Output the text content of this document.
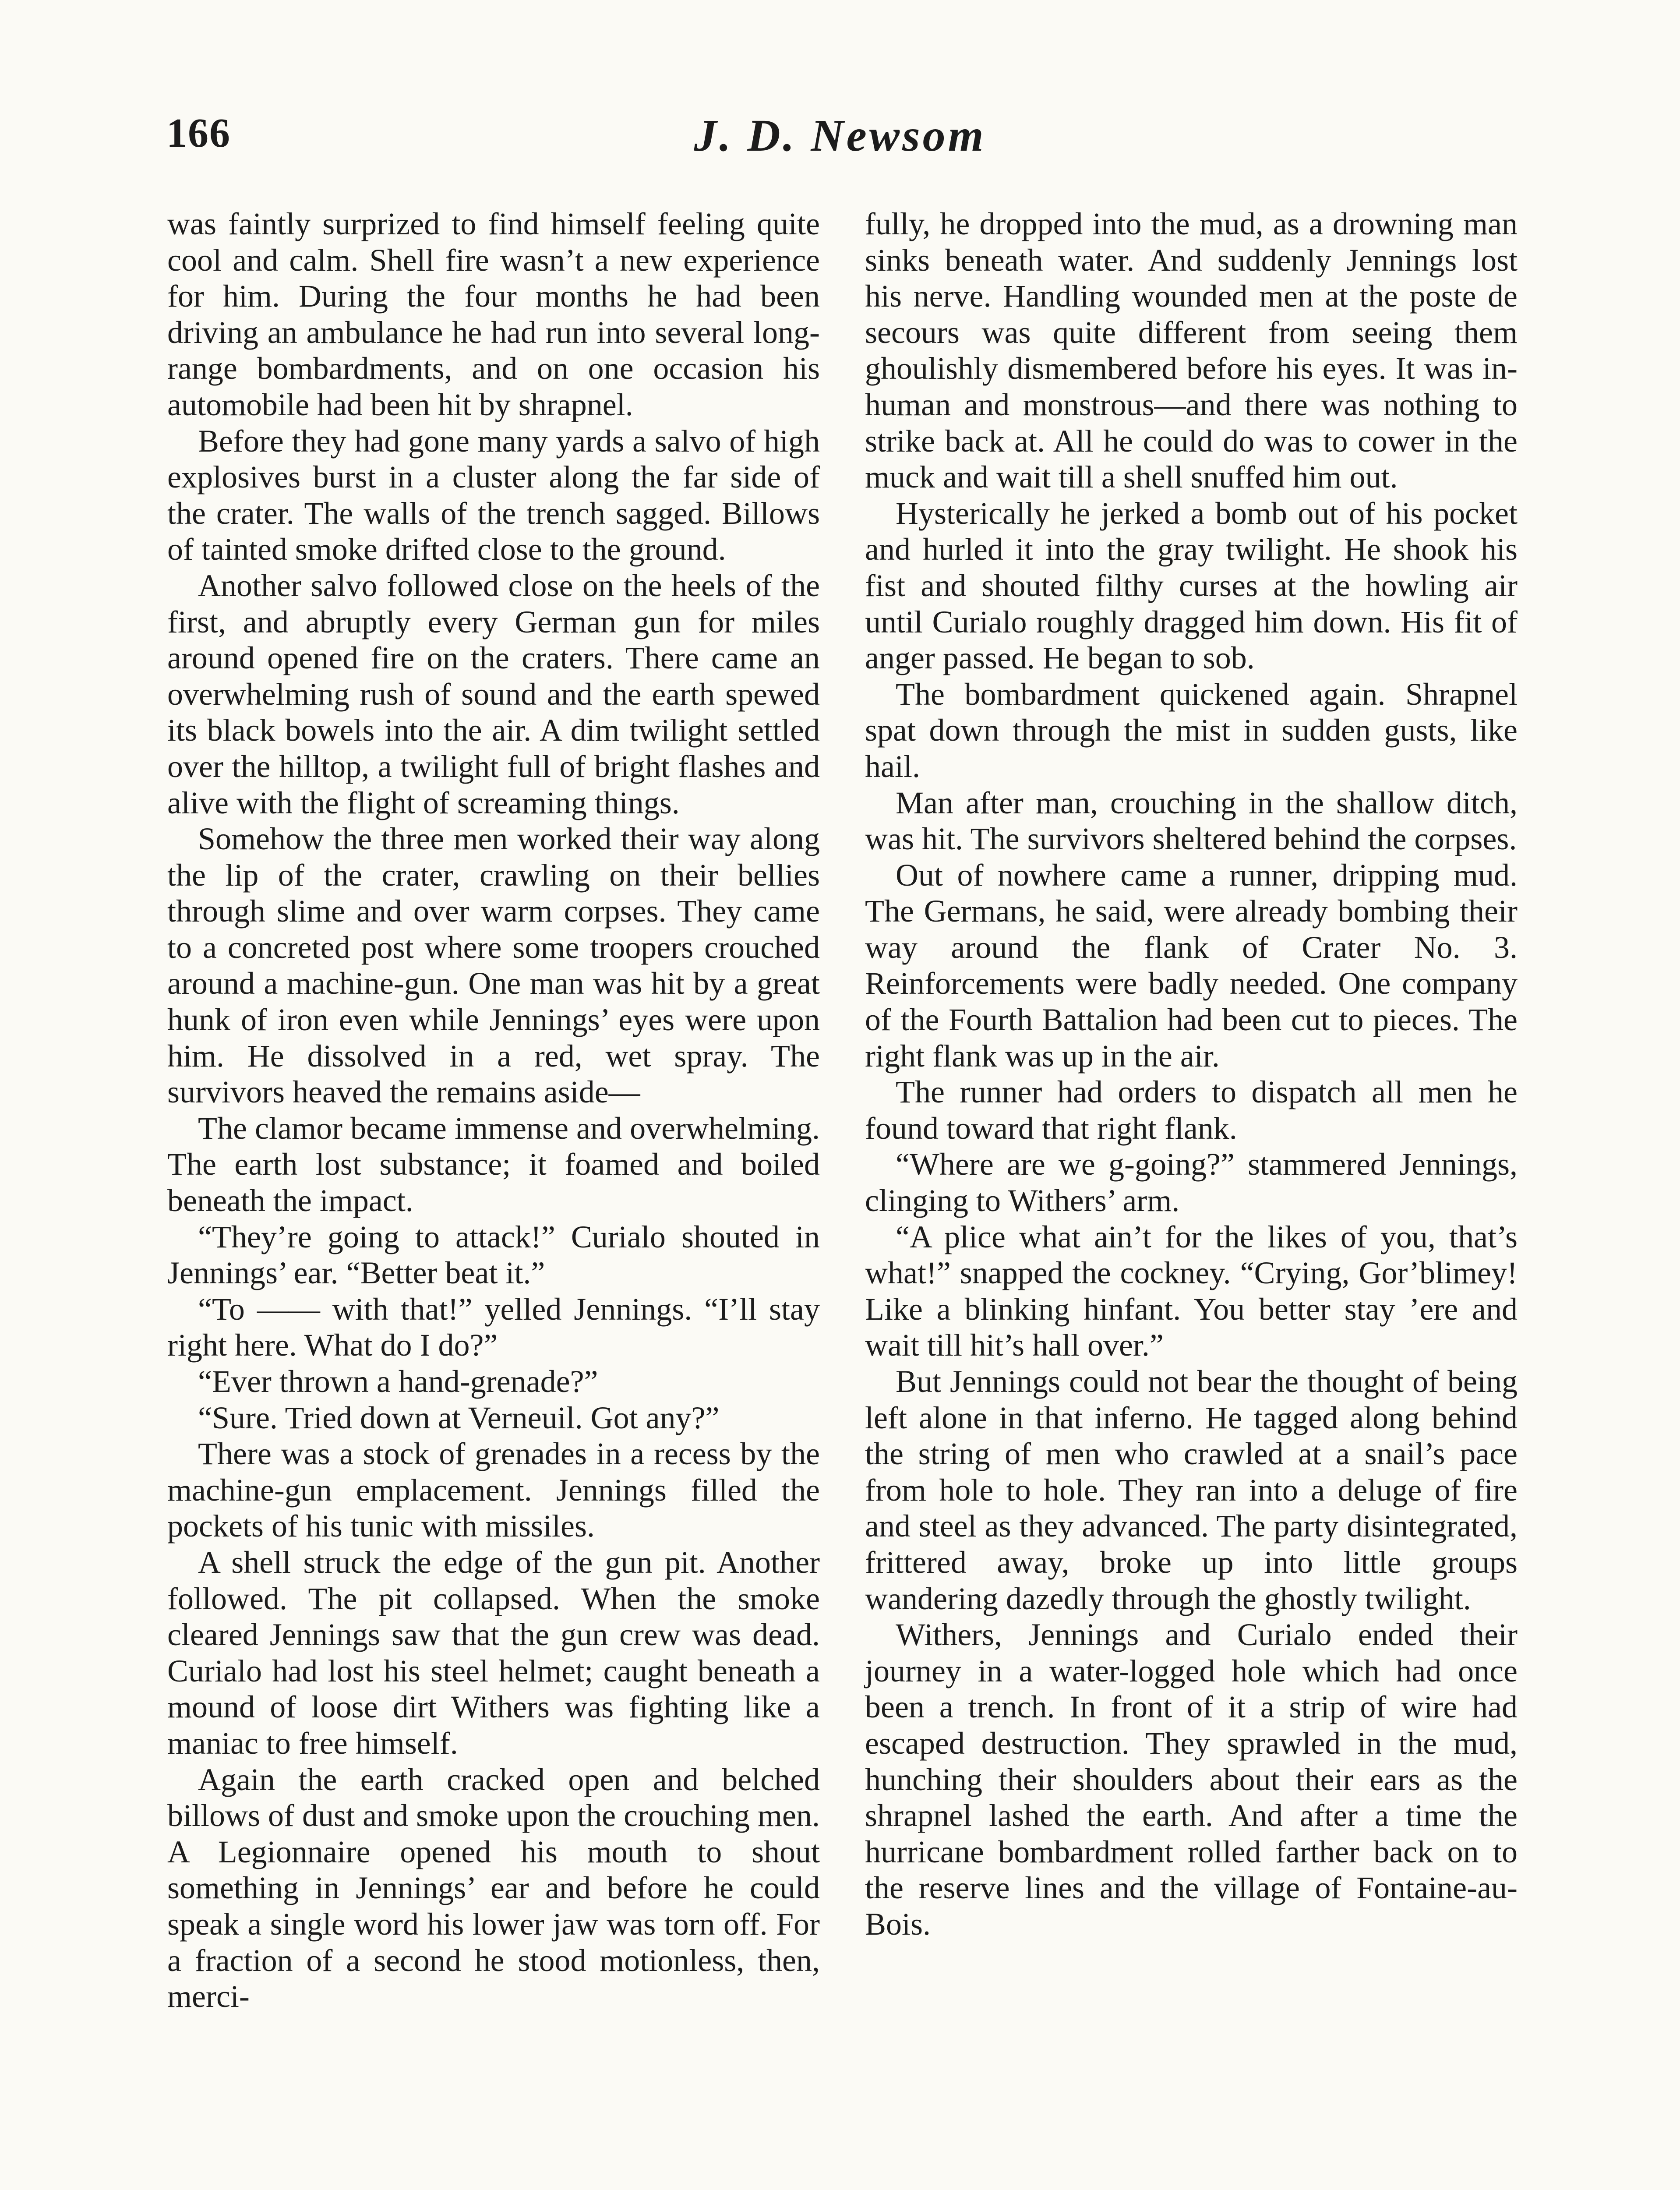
166	J. D. Newsom

was faintly surprized to find himself feeling quite cool and calm. Shell fire wasn’t a new experience for him. During the four months he had been driving an ambulance he had run into several long-range bombardments, and on one occasion his automobile had been hit by shrapnel.

Before they had gone many yards a salvo of high explosives burst in a cluster along the far side of the crater. The walls of the trench sagged. Billows of tainted smoke drifted close to the ground.

Another salvo followed close on the heels of the first, and abruptly every German gun for miles around opened fire on the craters. There came an overwhelming rush of sound and the earth spewed its black bowels into the air. A dim twilight settled over the hilltop, a twilight full of bright flashes and alive with the flight of screaming things.

Somehow the three men worked their way along the lip of the crater, crawling on their bellies through slime and over warm corpses. They came to a concreted post where some troopers crouched around a machine-gun. One man was hit by a great hunk of iron even while Jennings’ eyes were upon him. He dissolved in a red, wet spray. The survivors heaved the remains aside—

The clamor became immense and overwhelming. The earth lost substance; it foamed and boiled beneath the impact.

“They’re going to attack!” Curialo shouted in Jennings’ ear. “Better beat it.”

“To —— with that!” yelled Jennings. “I’ll stay right here. What do I do?”

“Ever thrown a hand-grenade?”

“Sure. Tried down at Verneuil. Got any?”

There was a stock of grenades in a recess by the machine-gun emplacement. Jennings filled the pockets of his tunic with missiles.

A shell struck the edge of the gun pit. Another followed. The pit collapsed. When the smoke cleared Jennings saw that the gun crew was dead. Curialo had lost his steel helmet; caught beneath a mound of loose dirt Withers was fighting like a maniac to free himself.

Again the earth cracked open and belched billows of dust and smoke upon the crouching men. A Legionnaire opened his mouth to shout something in Jennings’ ear and before he could speak a single word his lower jaw was torn off. For a fraction of a second he stood motionless, then, merci-

fully, he dropped into the mud, as a drowning man sinks beneath water. And suddenly Jennings lost his nerve. Handling wounded men at the poste de secours was quite different from seeing them ghoulishly dismembered before his eyes. It was inhuman and monstrous—and there was nothing to strike back at. All he could do was to cower in the muck and wait till a shell snuffed him out.

Hysterically he jerked a bomb out of his pocket and hurled it into the gray twilight. He shook his fist and shouted filthy curses at the howling air until Curialo roughly dragged him down. His fit of anger passed. He began to sob.

The bombardment quickened again. Shrapnel spat down through the mist in sudden gusts, like hail.

Man after man, crouching in the shallow ditch, was hit. The survivors sheltered behind the corpses.

Out of nowhere came a runner, dripping mud. The Germans, he said, were already bombing their way around the flank of Crater No. 3. Reinforcements were badly needed. One company of the Fourth Battalion had been cut to pieces. The right flank was up in the air.

The runner had orders to dispatch all men he found toward that right flank.

“Where are we g-going?” stammered Jennings, clinging to Withers’ arm.

“A plice what ain’t for the likes of you, that’s what!” snapped the cockney. “Crying, Gor’blimey! Like a blinking hinfant. You better stay ’ere and wait till hit’s hall over.”

But Jennings could not bear the thought of being left alone in that inferno. He tagged along behind the string of men who crawled at a snail’s pace from hole to hole. They ran into a deluge of fire and steel as they advanced. The party disintegrated, frittered away, broke up into little groups wandering dazedly through the ghostly twilight.

Withers, Jennings and Curialo ended their journey in a water-logged hole which had once been a trench. In front of it a strip of wire had escaped destruction. They sprawled in the mud, hunching their shoulders about their ears as the shrapnel lashed the earth. And after a time the hurricane bombardment rolled farther back on to the reserve lines and the village of Fontaine-au-Bois.
